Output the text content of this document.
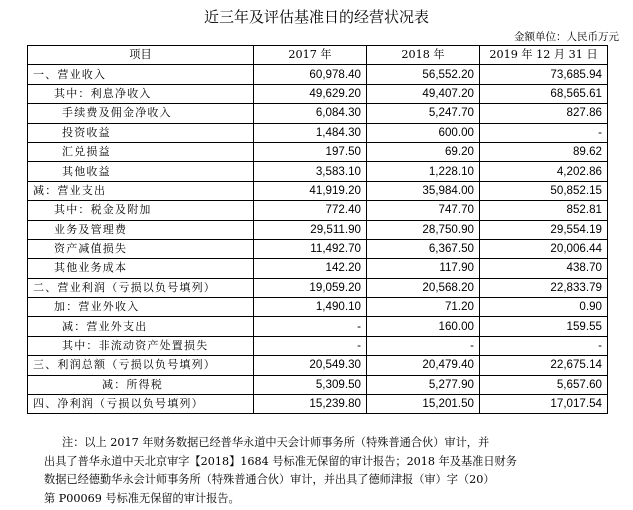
近三年及评估基准日的经营状况表
金额单位：人民币万元
项目	2017 年	2018 年	2019 年 12 月 31 日
一、营业收入	60,978.40	56,552.20	73,685.94
其中：利息净收入	49,629.20	49,407.20	68,565.61
手续费及佣金净收入	6,084.30	5,247.70	827.86
投资收益	1,484.30	600.00	-
汇兑损益	197.50	69.20	89.62
其他收益	3,583.10	1,228.10	4,202.86
减：营业支出	41,919.20	35,984.00	50,852.15
其中：税金及附加	772.40	747.70	852.81
业务及管理费	29,511.90	28,750.90	29,554.19
资产减值损失	11,492.70	6,367.50	20,006.44
其他业务成本	142.20	117.90	438.70
二、营业利润（亏损以负号填列）	19,059.20	20,568.20	22,833.79
加：营业外收入	1,490.10	71.20	0.90
减：营业外支出	-	160.00	159.55
其中：非流动资产处置损失	-	-	-
三、利润总额（亏损以负号填列）	20,549.30	20,479.40	22,675.14
减：所得税	5,309.50	5,277.90	5,657.60
四、净利润（亏损以负号填列）	15,239.80	15,201.50	17,017.54

注：以上 2017 年财务数据已经普华永道中天会计师事务所（特殊普通合伙）审计，并

出具了普华永道中天北京审字【2018】1684 号标准无保留的审计报告；2018 年及基准日财务

数据已经德勤华永会计师事务所（特殊普通合伙）审计，并出具了德师津报（审）字（20）

第 P00069 号标准无保留的审计报告。
